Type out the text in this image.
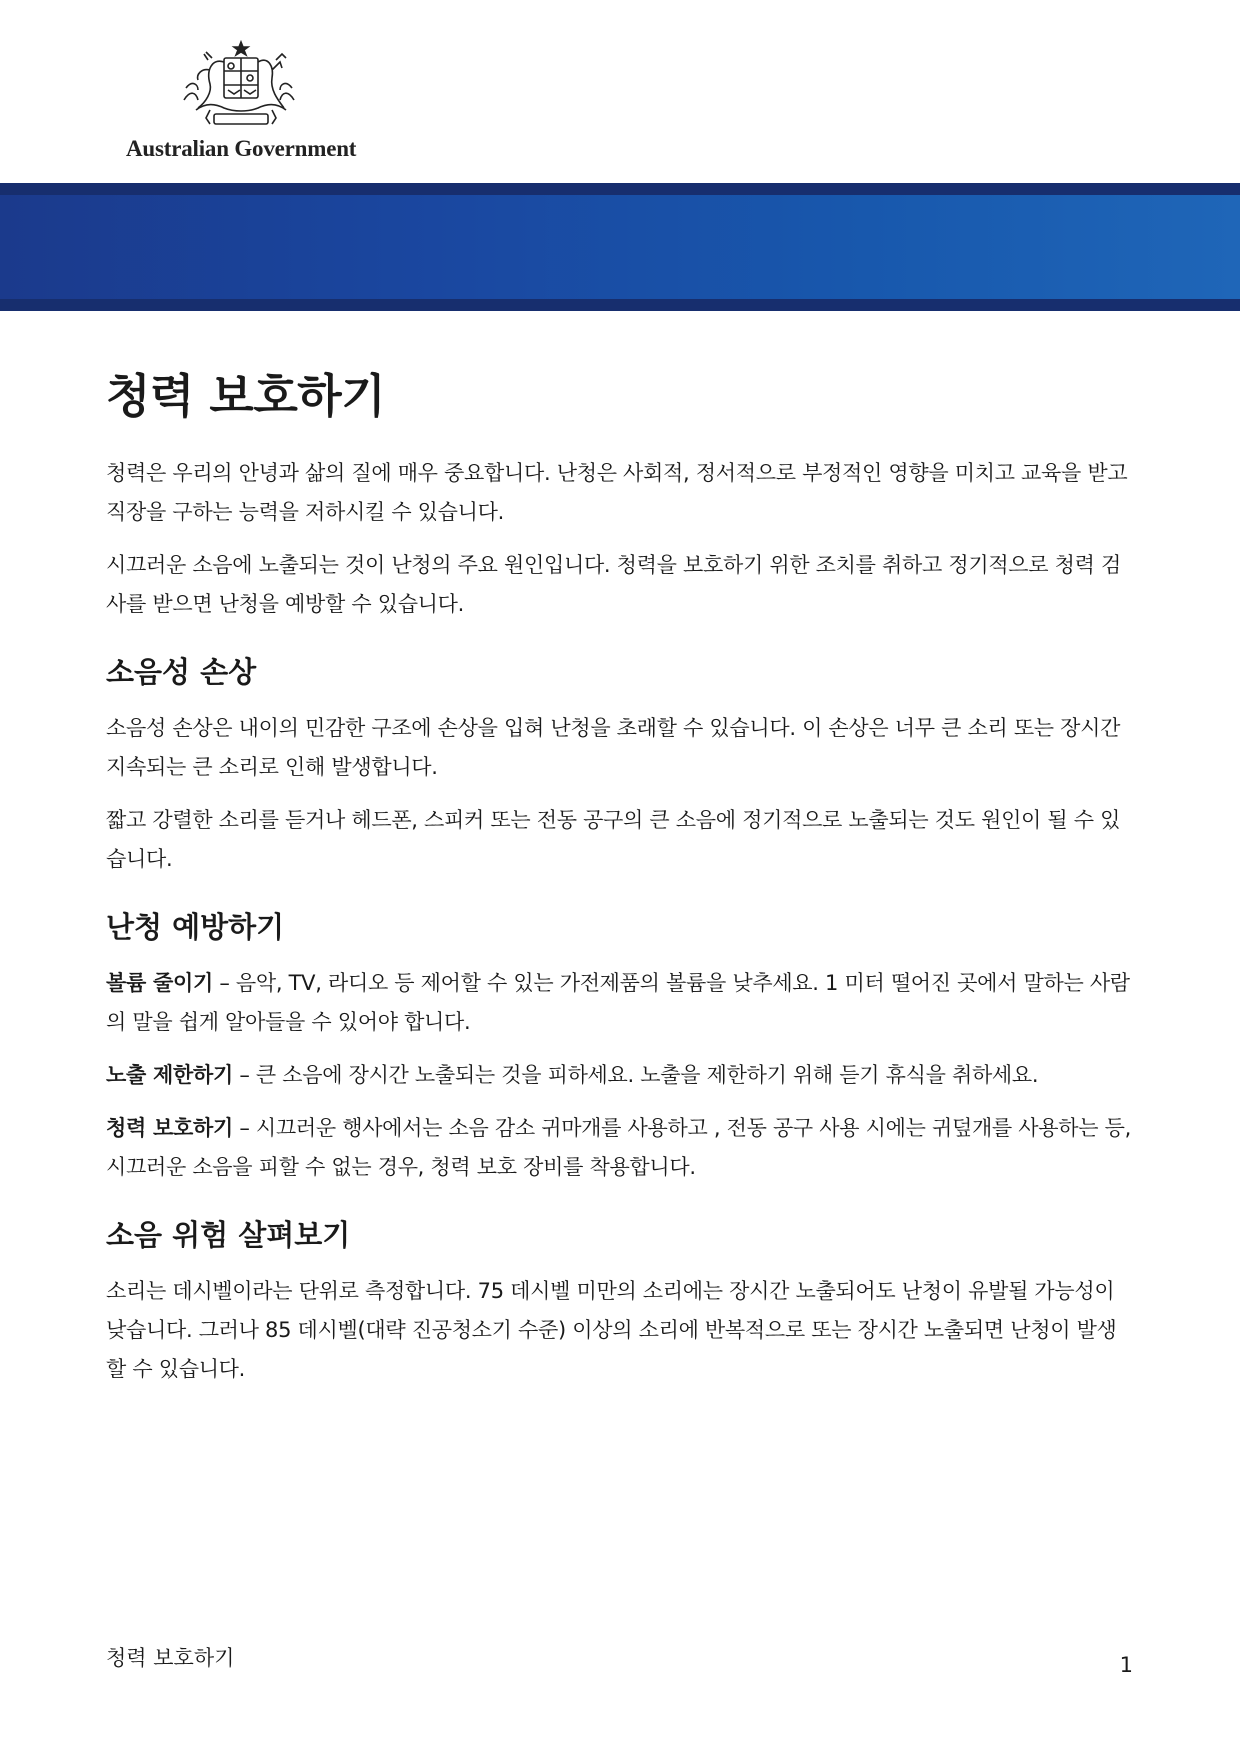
Australian Government
청력 보호하기

청력은 우리의 안녕과 삶의 질에 매우 중요합니다. 난청은 사회적, 정서적으로 부정적인 영향을 미치고 교육을 받고 직장을 구하는 능력을 저하시킬 수 있습니다.

시끄러운 소음에 노출되는 것이 난청의 주요 원인입니다. 청력을 보호하기 위한 조치를 취하고 정기적으로 청력 검사를 받으면 난청을 예방할 수 있습니다.

소음성 손상

소음성 손상은 내이의 민감한 구조에 손상을 입혀 난청을 초래할 수 있습니다. 이 손상은 너무 큰 소리 또는 장시간 지속되는 큰 소리로 인해 발생합니다.

짧고 강렬한 소리를 듣거나 헤드폰, 스피커 또는 전동 공구의 큰 소음에 정기적으로 노출되는 것도 원인이 될 수 있습니다.

난청 예방하기

볼륨 줄이기 – 음악, TV, 라디오 등 제어할 수 있는 가전제품의 볼륨을 낮추세요. 1 미터 떨어진 곳에서 말하는 사람의 말을 쉽게 알아들을 수 있어야 합니다.

노출 제한하기 – 큰 소음에 장시간 노출되는 것을 피하세요. 노출을 제한하기 위해 듣기 휴식을 취하세요.

청력 보호하기 – 시끄러운 행사에서는 소음 감소 귀마개를 사용하고 , 전동 공구 사용 시에는 귀덮개를 사용하는 등, 시끄러운 소음을 피할 수 없는 경우, 청력 보호 장비를 착용합니다.

소음 위험 살펴보기

소리는 데시벨이라는 단위로 측정합니다. 75 데시벨 미만의 소리에는 장시간 노출되어도 난청이 유발될 가능성이 낮습니다. 그러나 85 데시벨(대략 진공청소기 수준) 이상의 소리에 반복적으로 또는 장시간 노출되면 난청이 발생할 수 있습니다.

청력 보호하기	1
